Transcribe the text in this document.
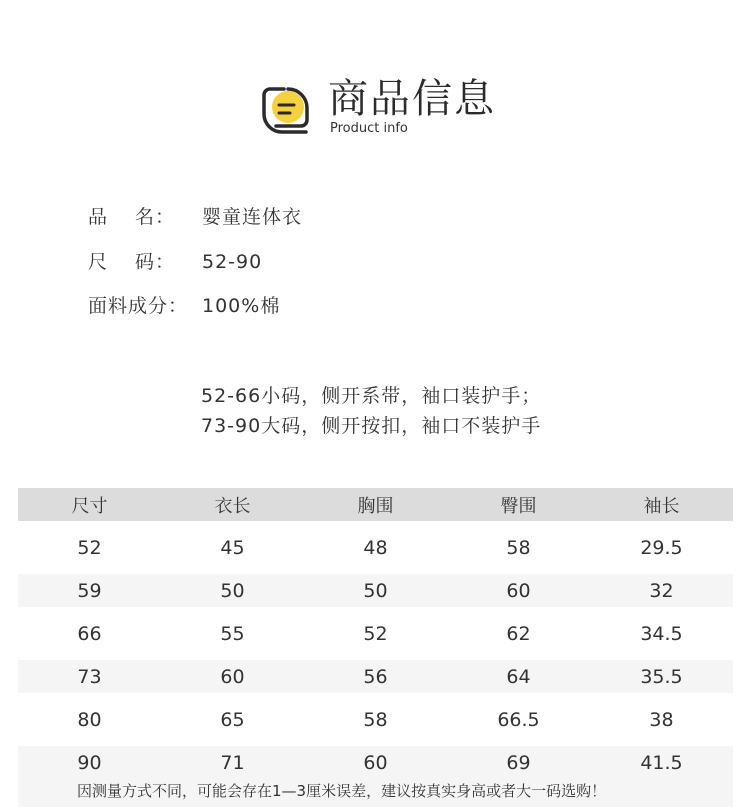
商品信息
Product info
品　 名： 婴童连体衣
尺　 码： 52-90
面料成分： 100%棉
52-66小码，侧开系带，袖口装护手；
73-90大码，侧开按扣，袖口不装护手
尺寸	衣长	胸围	臀围	袖长
52	45	48	58	29.5
59	50	50	60	32
66	55	52	62	34.5
73	60	56	64	35.5
80	65	58	66.5	38
90	71	60	69	41.5
因测量方式不同，可能会存在1—3厘米误差，建议按真实身高或者大一码选购！
